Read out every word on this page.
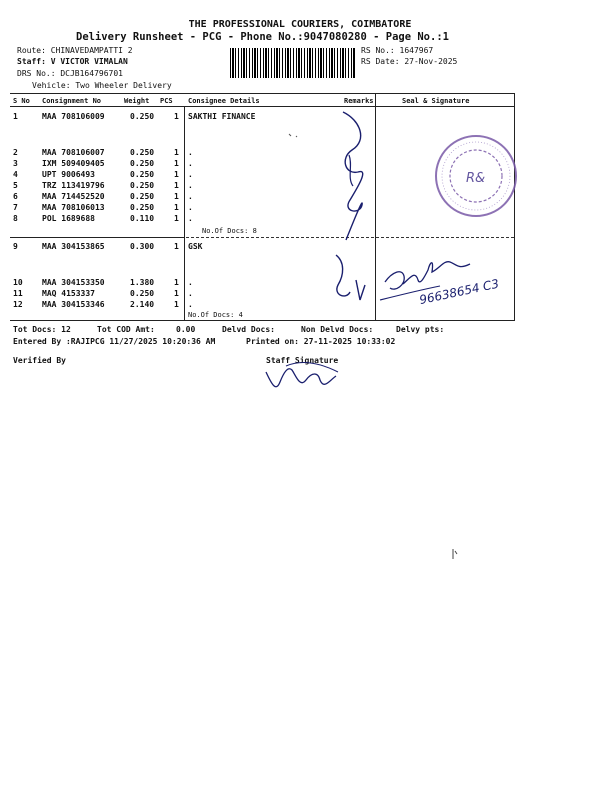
THE PROFESSIONAL COURIERS, COIMBATORE
Delivery Runsheet - PCG - Phone No.:9047080280 - Page No.:1
Route: CHINAVEDAMPATTI 2
Staff: V VICTOR VIMALAN
DRS No.: DCJB164796701
Vehicle: Two Wheeler Delivery
RS No.: 1647967
RS Date: 27-Nov-2025
S No Consignment No	Weight PCS Consignee Details	Remarks	Seal & Signature
1	MAA 708106009	0.250 1 SAKTHI FINANCE
2	MAA 708106007	0.250 1 .
3	IXM 509409405	0.250 1 .
4	UPT 9006493	0.250 1 .
5	TRZ 113419796	0.250 1 .
6	MAA 714452520	0.250 1 .
7	MAA 708106013	0.250 1 .
8	POL 1689688	0.110 1 .
9	MAA 304153865	0.300 1 GSK
10 MAA 304153350	1.380 1 .
11 MAQ 4153337	0.250 1 .
12 MAA 304153346	2.140 1 .
No.Of Docs: 8
No.Of Docs: 4
Tot Docs: 12	Tot COD Amt:	0.00	Delvd Docs:	Non Delvd Docs:	Delvy pts:
Entered By :RAJIPCG 11/27/2025 10:20:36 AM	Printed on: 27-11-2025 10:33:02
Verified By	Staff Signature
96638654 C3
R&
